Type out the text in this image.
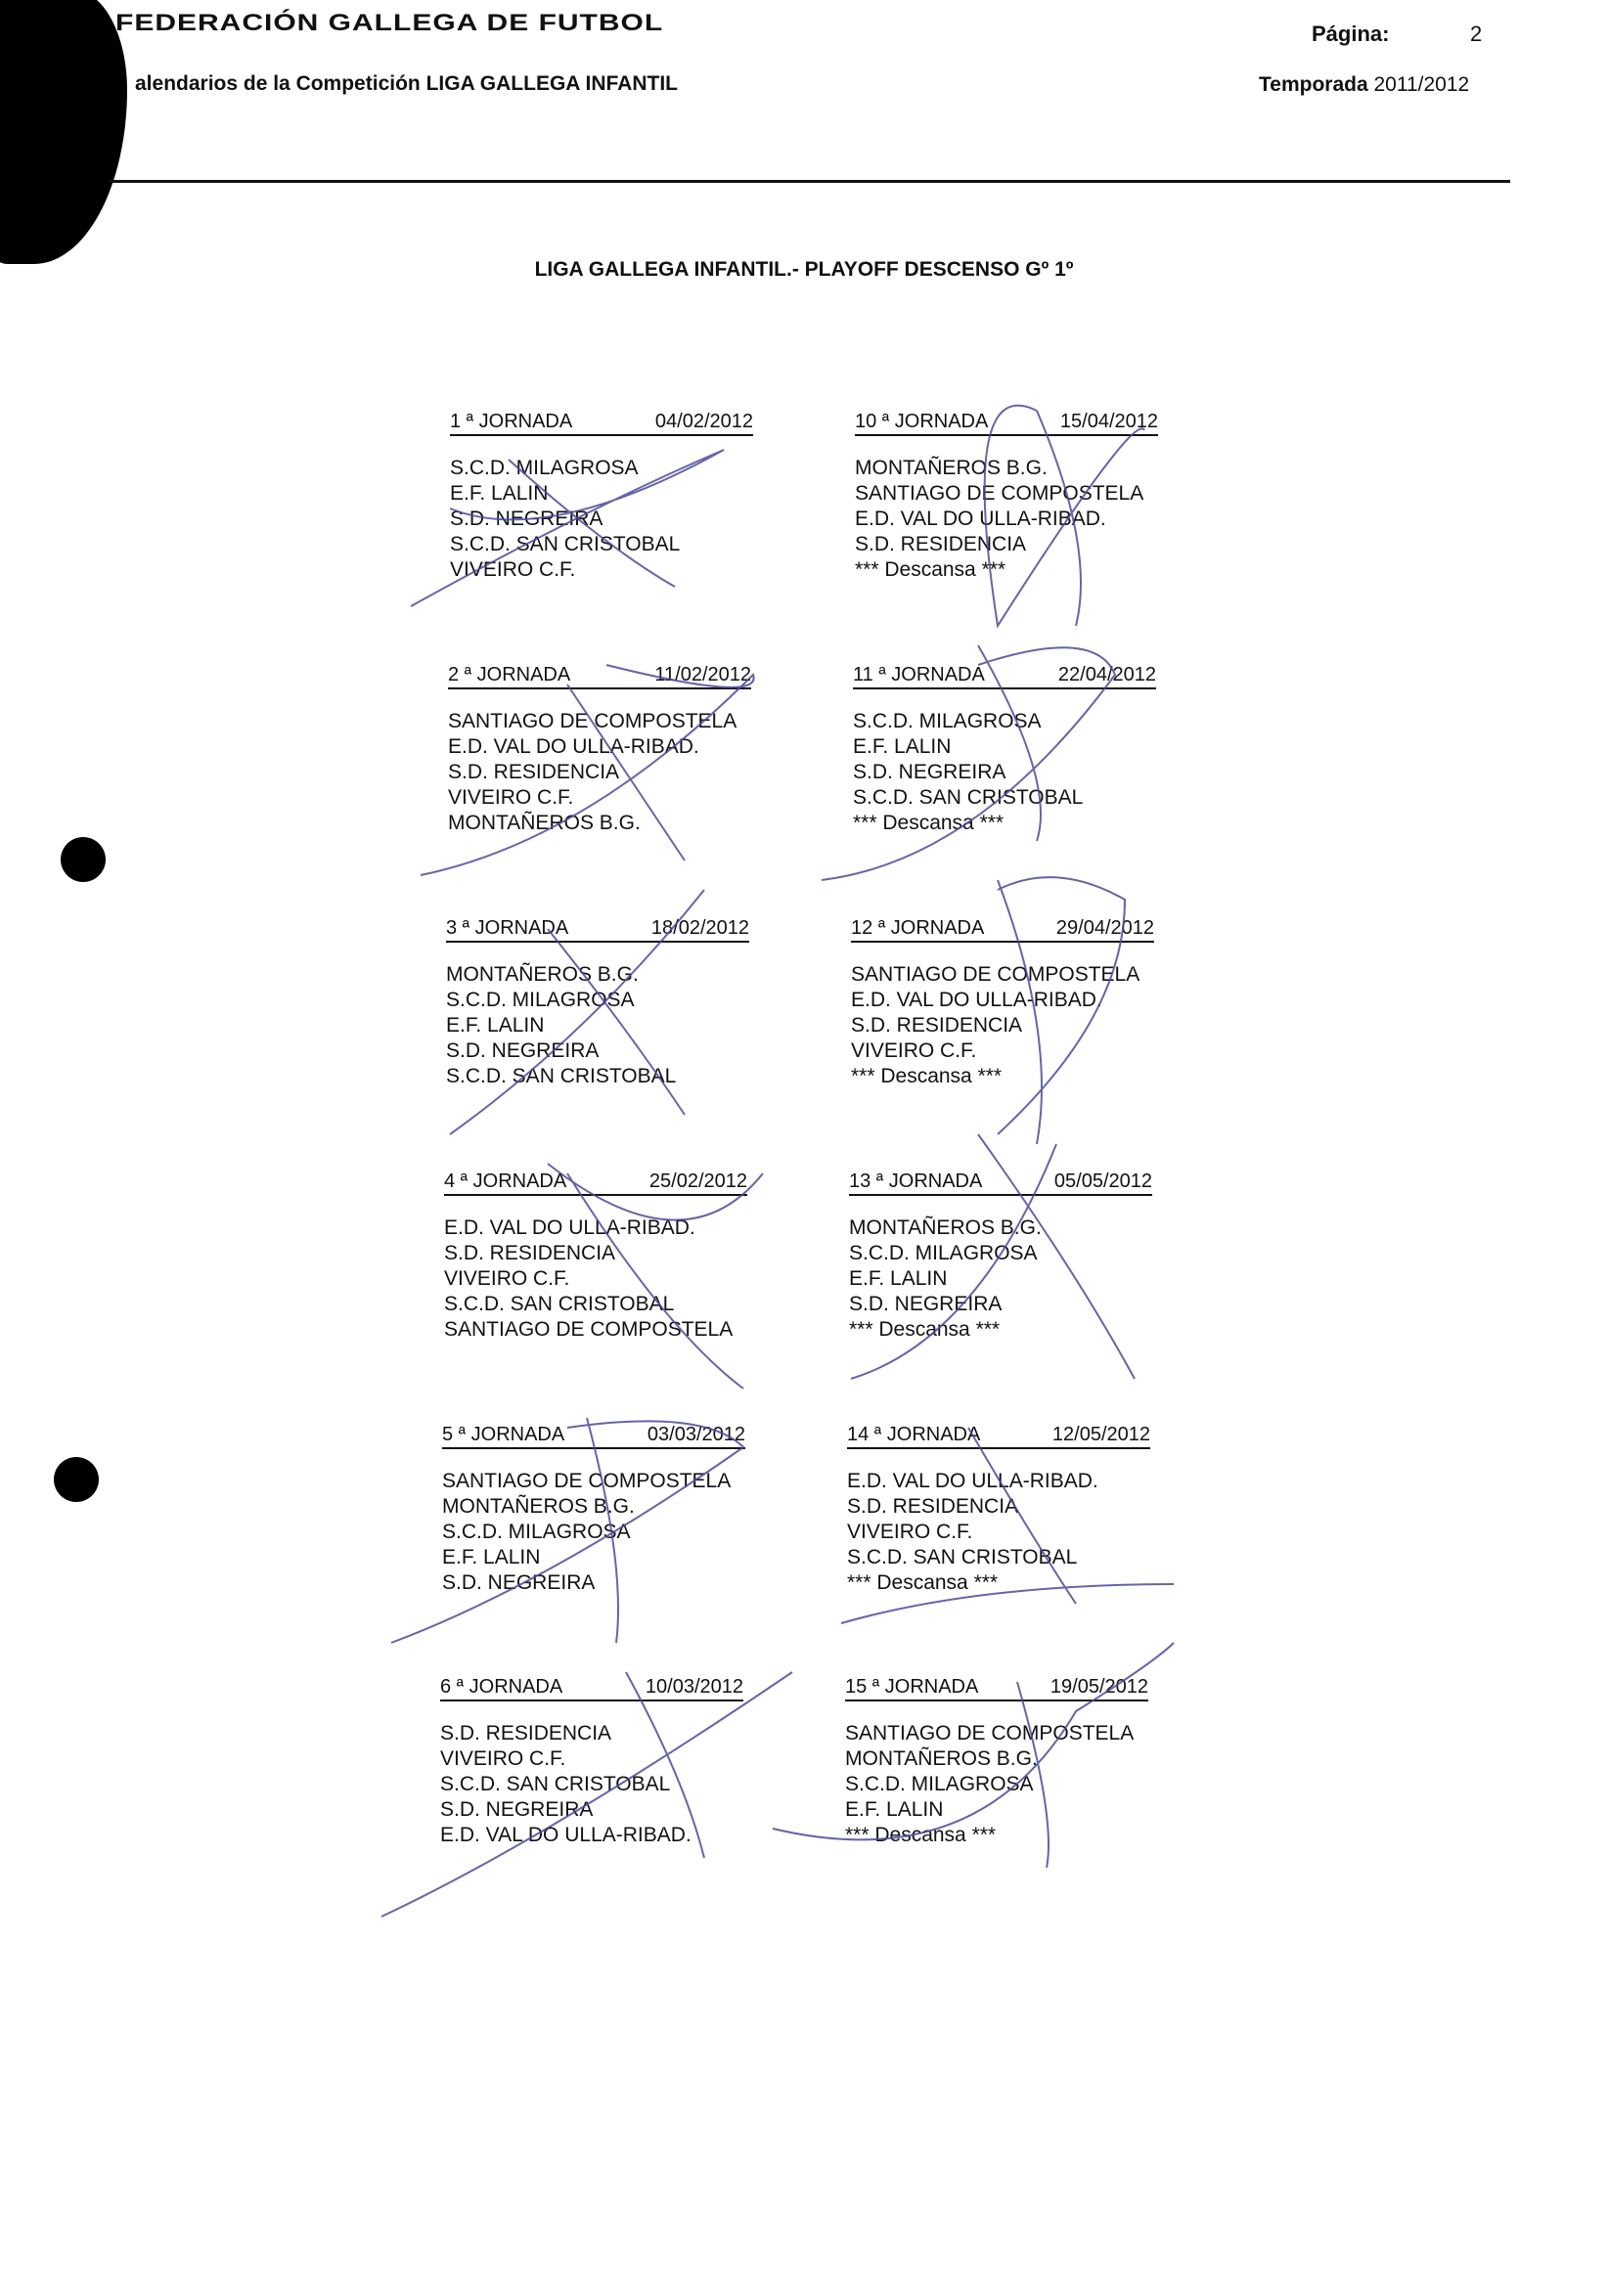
FEDERACIÓN GALLEGA DE FUTBOL
alendarios de la Competición LIGA GALLEGA INFANTIL
Página:	2
Temporada 2011/2012
LIGA GALLEGA INFANTIL.- PLAYOFF DESCENSO Gº 1º
1 ª JORNADA	04/02/2012
S.C.D. MILAGROSA
E.F. LALIN
S.D. NEGREIRA
S.C.D. SAN CRISTOBAL
VIVEIRO C.F.
10 ª JORNADA	15/04/2012
MONTAÑEROS B.G.
SANTIAGO DE COMPOSTELA
E.D. VAL DO ULLA-RIBAD.
S.D. RESIDENCIA
*** Descansa ***
2 ª JORNADA	11/02/2012
SANTIAGO DE COMPOSTELA
E.D. VAL DO ULLA-RIBAD.
S.D. RESIDENCIA
VIVEIRO C.F.
MONTAÑEROS B.G.
11 ª JORNADA	22/04/2012
S.C.D. MILAGROSA
E.F. LALIN
S.D. NEGREIRA
S.C.D. SAN CRISTOBAL
*** Descansa ***
3 ª JORNADA	18/02/2012
MONTAÑEROS B.G.
S.C.D. MILAGROSA
E.F. LALIN
S.D. NEGREIRA
S.C.D. SAN CRISTOBAL
12 ª JORNADA	29/04/2012
SANTIAGO DE COMPOSTELA
E.D. VAL DO ULLA-RIBAD.
S.D. RESIDENCIA
VIVEIRO C.F.
*** Descansa ***
4 ª JORNADA	25/02/2012
E.D. VAL DO ULLA-RIBAD.
S.D. RESIDENCIA
VIVEIRO C.F.
S.C.D. SAN CRISTOBAL
SANTIAGO DE COMPOSTELA
13 ª JORNADA	05/05/2012
MONTAÑEROS B.G.
S.C.D. MILAGROSA
E.F. LALIN
S.D. NEGREIRA
*** Descansa ***
5 ª JORNADA	03/03/2012
SANTIAGO DE COMPOSTELA
MONTAÑEROS B.G.
S.C.D. MILAGROSA
E.F. LALIN
S.D. NEGREIRA
14 ª JORNADA	12/05/2012
E.D. VAL DO ULLA-RIBAD.
S.D. RESIDENCIA
VIVEIRO C.F.
S.C.D. SAN CRISTOBAL
*** Descansa ***
6 ª JORNADA	10/03/2012
S.D. RESIDENCIA
VIVEIRO C.F.
S.C.D. SAN CRISTOBAL
S.D. NEGREIRA
E.D. VAL DO ULLA-RIBAD.
15 ª JORNADA	19/05/2012
SANTIAGO DE COMPOSTELA
MONTAÑEROS B.G.
S.C.D. MILAGROSA
E.F. LALIN
*** Descansa ***
